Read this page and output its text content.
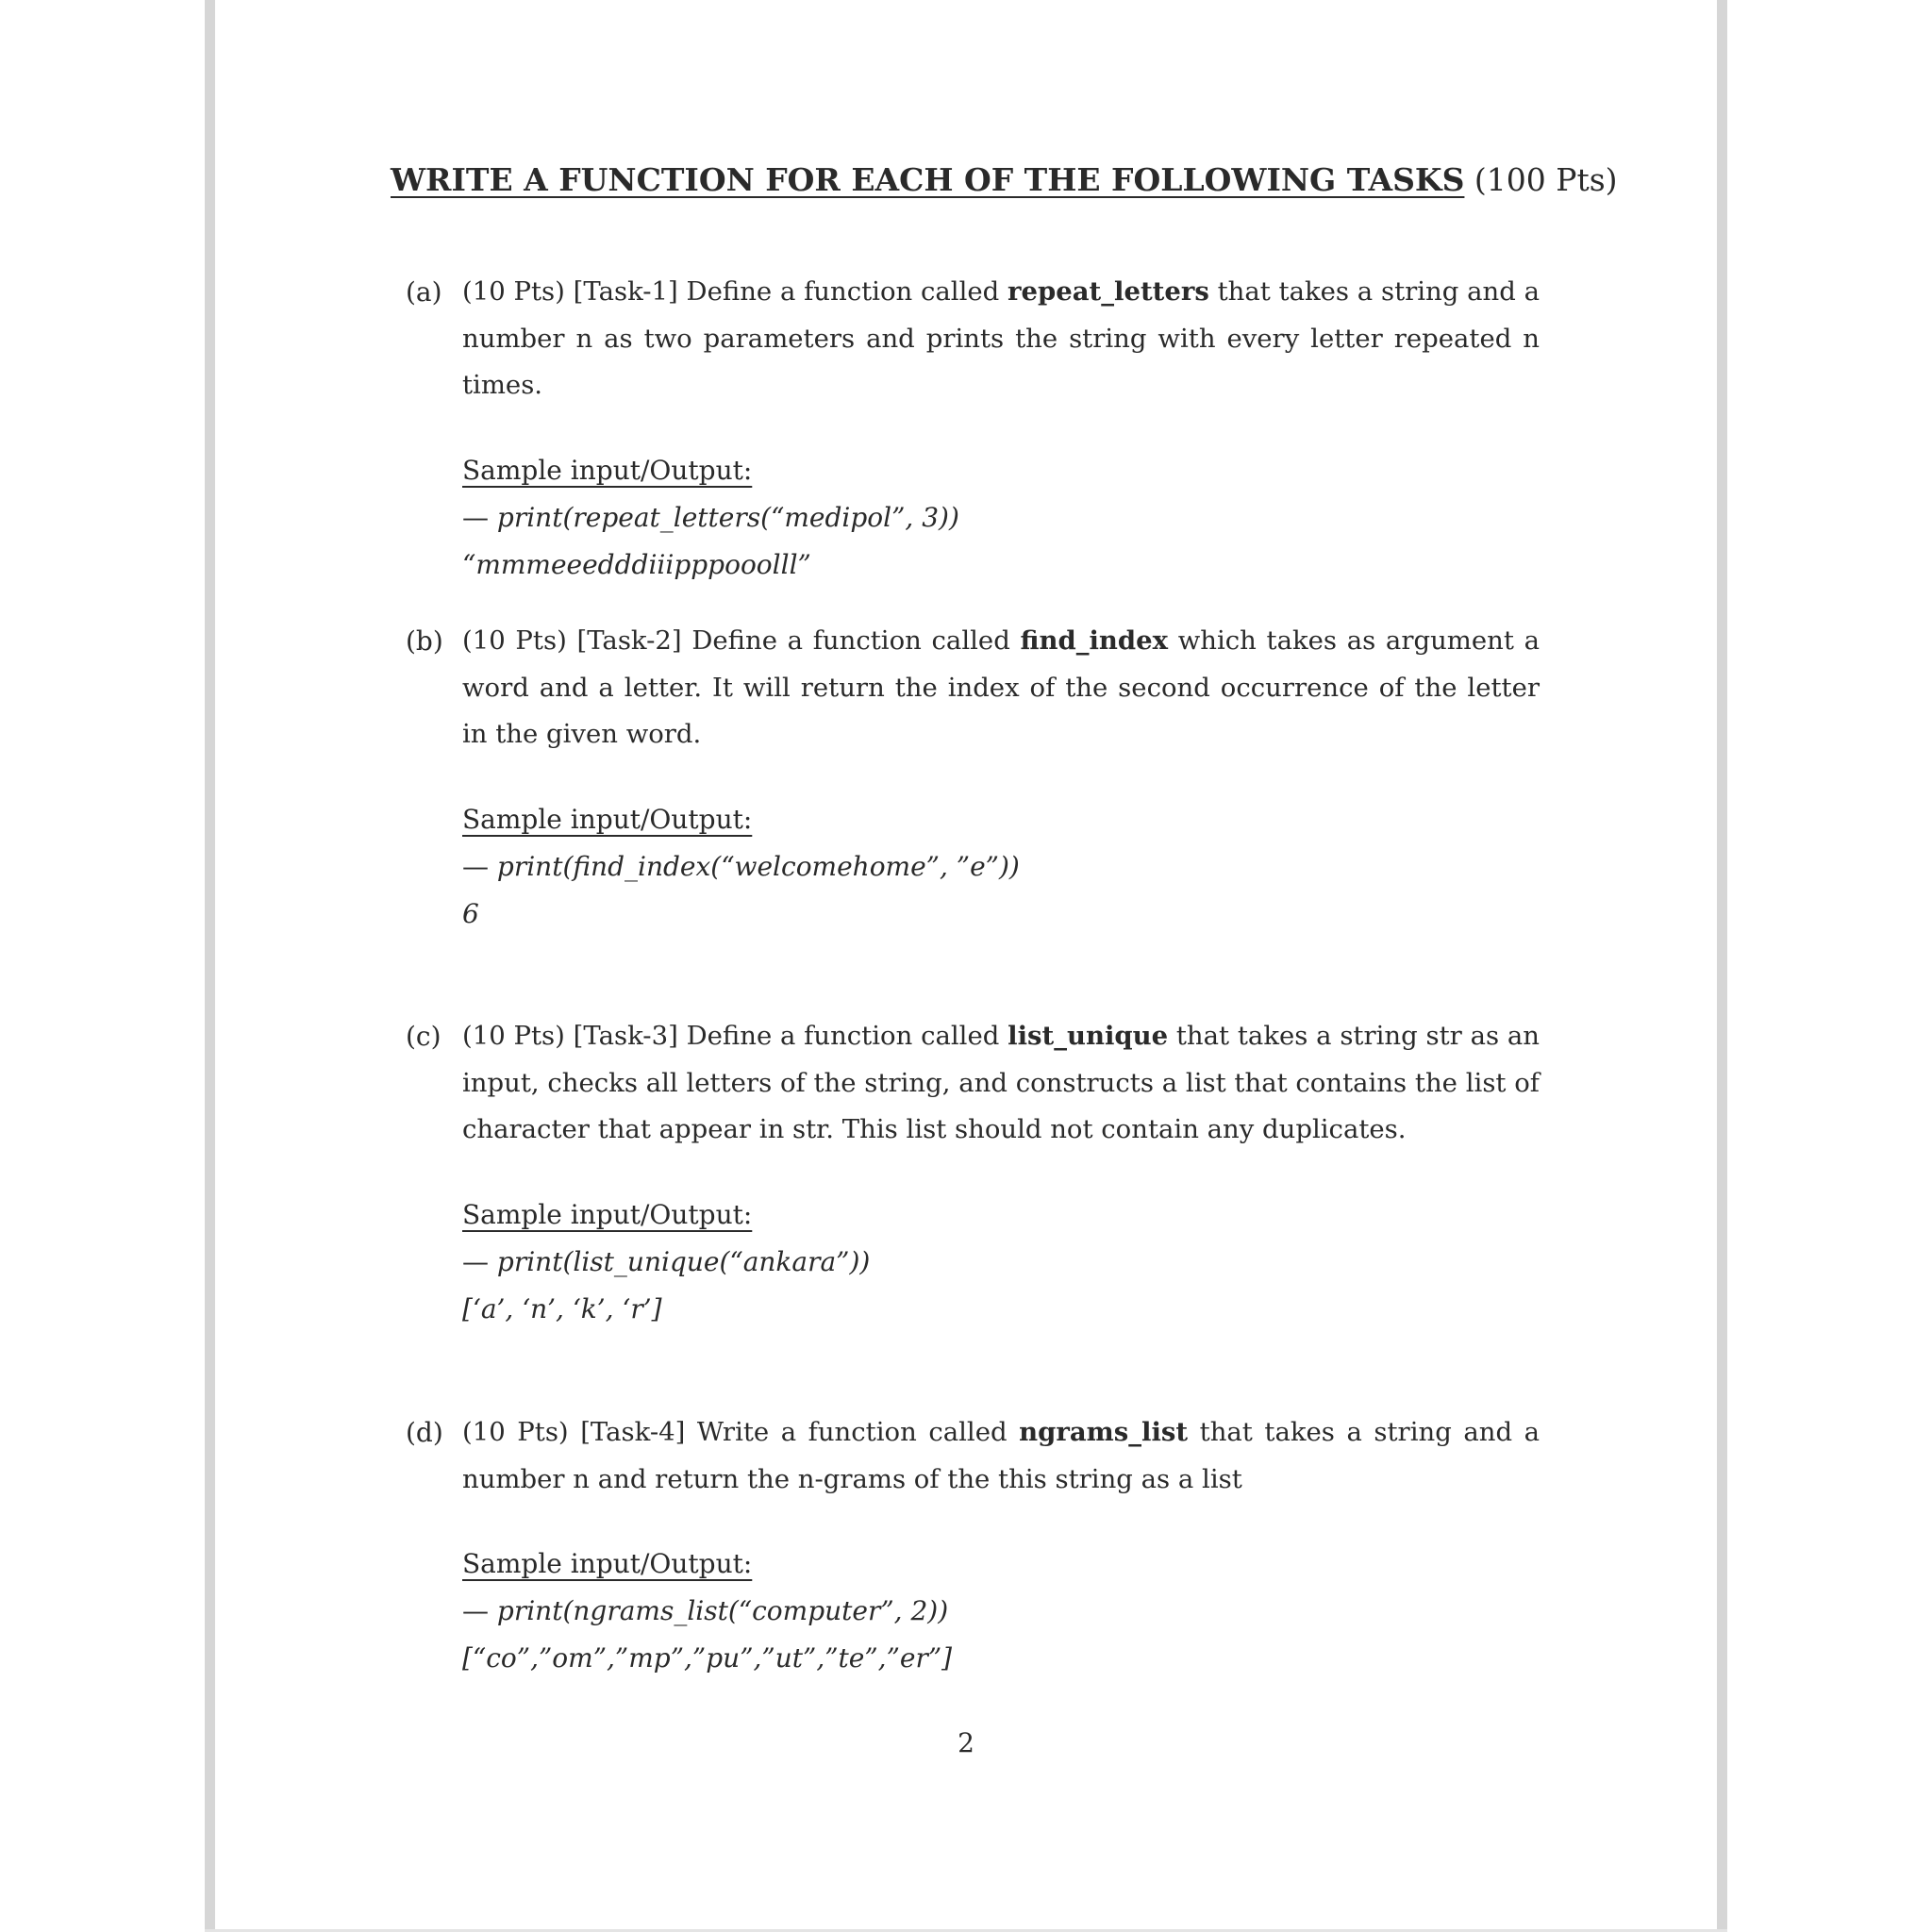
WRITE A FUNCTION FOR EACH OF THE FOLLOWING TASKS (100 Pts)
(a) (10 Pts) [Task-1] Define a function called repeat_letters that takes a string and a number n as two parameters and prints the string with every letter repeated n times.

Sample input/Output:
— print(repeat_letters(“medipol”, 3))
“mmmeeedddiiipppooolll”
(b) (10 Pts) [Task-2] Define a function called find_index which takes as argument a word and a letter. It will return the index of the second occurrence of the letter in the given word.

Sample input/Output:
— print(find_index(“welcomehome”, ”e”))
6
(c) (10 Pts) [Task-3] Define a function called list_unique that takes a string str as an input, checks all letters of the string, and constructs a list that contains the list of character that appear in str. This list should not contain any duplicates.

Sample input/Output:
— print(list_unique(“ankara”))
[‘a’, ‘n’, ‘k’, ‘r’]
(d) (10 Pts) [Task-4] Write a function called ngrams_list that takes a string and a number n and return the n-grams of the this string as a list

Sample input/Output:
— print(ngrams_list(“computer”, 2))
[“co”,”om”,”mp”,”pu”,”ut”,”te”,”er”]
2
